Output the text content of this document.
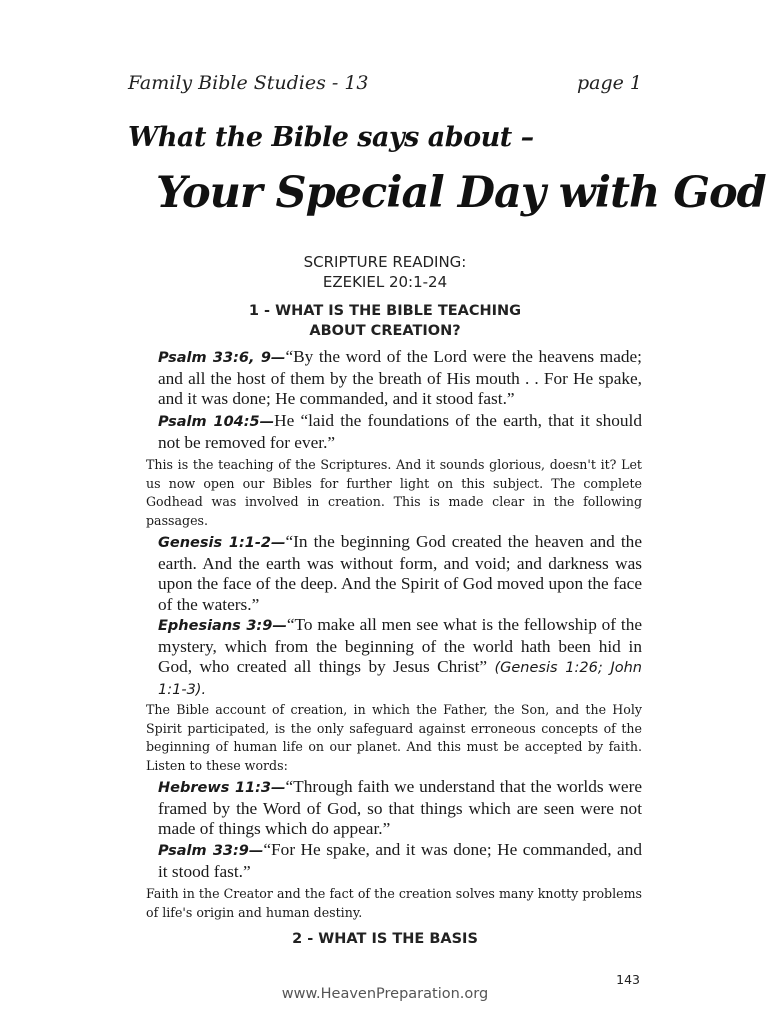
Family Bible Studies - 13	page 1
What the Bible says about –
Your Special Day with God
SCRIPTURE READING:
EZEKIEL 20:1-24
1 - WHAT IS THE BIBLE TEACHING
ABOUT CREATION?
Psalm 33:6, 9—“By the word of the Lord were the heavens made; and all the host of them by the breath of His mouth . . For He spake, and it was done; He commanded, and it stood fast.”
Psalm 104:5—He “laid the foundations of the earth, that it should not be removed for ever.”
This is the teaching of the Scriptures. And it sounds glorious, doesn't it? Let us now open our Bibles for further light on this subject. The complete Godhead was involved in creation. This is made clear in the following passages.
Genesis 1:1-2—“In the beginning God created the heaven and the earth. And the earth was without form, and void; and darkness was upon the face of the deep. And the Spirit of God moved upon the face of the waters.”
Ephesians 3:9—“To make all men see what is the fellowship of the mystery, which from the beginning of the world hath been hid in God, who created all things by Jesus Christ” (Genesis 1:26; John 1:1-3).
The Bible account of creation, in which the Father, the Son, and the Holy Spirit participated, is the only safeguard against erroneous concepts of the beginning of human life on our planet. And this must be accepted by faith. Listen to these words:
Hebrews 11:3—“Through faith we understand that the worlds were framed by the Word of God, so that things which are seen were not made of things which do appear.”
Psalm 33:9—“For He spake, and it was done; He commanded, and it stood fast.”
Faith in the Creator and the fact of the creation solves many knotty problems of life's origin and human destiny.
2 - WHAT IS THE BASIS
143
www.HeavenPreparation.org
